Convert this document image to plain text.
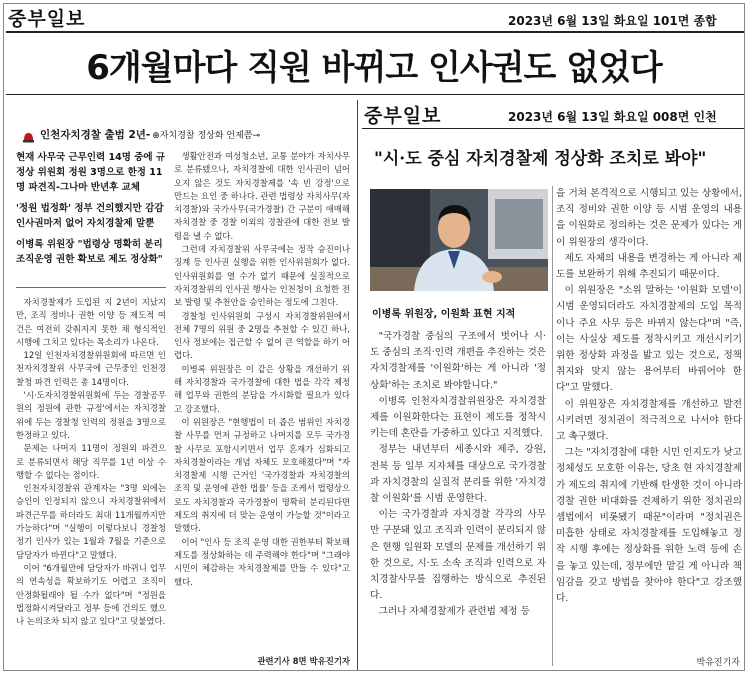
중부일보	2023년 6월 13일 화요일 101면 종합
6개월마다 직원 바뀌고 인사권도 없었다
인천자치경찰 출범 2년- ⊕자치경찰 정상화 언제쯤⊸

현재 사무국 근무인력 14명 중에 규정상 위원회 정원 3명으로 한정 11명 파견직-그나마 반년후 교체

'정원 법정화' 정부 건의했지만 감감 인사권마저 없어 자치경찰제 말뿐

이병록 위원장 "법령상 명확히 분리 조직운영 권한 확보로 제도 정상화"

자치경찰제가 도입된 지 2년이 지났지만, 조직 정비나 권한 이양 등 제도적 여건은 여전히 갖춰지지 못한 채 형식적인 시행에 그치고 있다는 목소리가 나온다.

12일 인천자치경찰위원회에 따르면 인천자치경찰위 사무국에 근무중인 인천경찰청 파견 인력은 총 14명이다.

'시·도자치경찰위원회에 두는 경찰공무원의 정원에 관한 규정'에서는 자치경찰위에 두는 경찰청 인력의 정원을 3명으로 한정하고 있다.

문제는 나머지 11명이 정원외 파견으로 분류되면서 해당 직무를 1년 이상 수행할 수 없다는 점이다.

인천자치경찰위 관계자는 "3명 외에는 승인이 인정되지 않으니 자치경찰위에서 파견근무를 하더라도 최대 11개월까지만 가능하다"며 "실행이 이렇다보니 경찰청 정기 인사가 있는 1월과 7월을 기준으로 담당자가 바뀐다"고 말했다.

이어 "6개월만에 담당자가 바뀌니 업무의 연속성을 확보하기도 어렵고 조직이 안정화될래야 될 수가 없다"며 "정원을 법정화시켜달라고 정부 등에 건의도 했으나 논의조차 되지 않고 있다"고 덧붙였다.

생활안전과 여성청소년, 교통 분야가 자치사무로 분류됐으나, 자치경찰에 대한 인사권이 넘어오지 않은 것도 자치경찰제를 '속 빈 강정'으로 만드는 요인 중 하나다. 관련 법령상 자치사무(자치경찰)와 국가사무(국가경찰) 간 구분이 애매해 자치경찰 중 경찰 이외의 경찰관에 대한 전보 발령을 낼 수 없다.

그런데 자치경찰위 사무국에는 정작 승진이나 징계 등 인사권 실행을 위한 인사위원회가 없다. 인사위원회를 열 수가 없기 때문에 실질적으로 자치경찰위의 인사권 행사는 인천청이 요청한 전보 발령 및 추천안을 승인하는 정도에 그친다.

경찰청 인사위원회 구성시 자치경찰위원에서 전체 7명의 위원 중 2명을 추천할 수 있긴 하나, 인사 정보에는 접근할 수 없어 큰 역할을 하기 어렵다.

이병록 위원장은 이 같은 상황을 개선하기 위해 자치경찰과 국가경찰에 대한 법을 각각 제정해 업무와 권한의 분담을 가시화할 필요가 있다고 강조했다.

이 위원장은 "현행법이 더 좁은 범위인 자치경찰 사무를 먼저 규정하고 나머지를 모두 국가경찰 사무로 포함시키면서 업무 혼재가 심화되고 자치경찰이라는 개념 자체도 모호해졌다"며 "자치경찰제 시행 근거인 '국가경찰과 자치경찰의 조직 및 운영에 관한 법률' 등을 조케서 법령상으로도 자치경찰과 국가경찰이 명확히 분리된다면 제도의 취지에 더 맞는 운영이 가능할 것"이라고 말했다.

이어 "인사 등 조직 운영 대한 권한부터 확보해 제도를 정상화하는 데 주력해야 한다"며 "그래야 시민이 체감하는 자치경찰제를 만들 수 있다"고 했다.

관련기사 8면 박유진기자
중부일보	2023년 6월 13일 화요일 008면 인천
"시·도 중심 자치경찰제 정상화 조치로 봐야"
이병록 위원장, 이원화 표현 지적

"국가경찰 중심의 구조에서 벗어나 시·도 중심의 조직·인력 개편을 추진하는 것은 자치경찰제를 '이원화'하는 게 아니라 '정상화'하는 조치로 봐야합니다."

이병록 인천자치경찰위원장은 자치경찰제를 이원화한다는 표현이 제도를 정착시키는데 혼란을 가중하고 있다고 지적했다.

정부는 내년부터 세종시와 제주, 강원, 전북 등 일부 지자체를 대상으로 국가경찰과 자치경찰의 실질적 분리를 위한 '자치경찰 이원화'를 시범 운영한다.

이는 국가경찰과 자치경찰 각각의 사무만 구분돼 있고 조직과 인력이 분리되지 않은 현행 일원화 모델의 문제를 개선하기 위한 것으로, 시·도 소속 조직과 인력으로 자치경찰사무를 집행하는 방식으로 추진된다.

그러나 자체경찰제가 관련법 제정 등

을 거쳐 본격적으로 시행되고 있는 상황에서, 조직 정비와 권한 이양 등 시범 운영의 내용을 이원화로 정의하는 것은 문제가 있다는 게 이 위원장의 생각이다.

제도 자체의 내용을 변경하는 게 아니라 제도를 보완하기 위해 추진되기 때문이다.

이 위원장은 "소위 말하는 '이원화 모델'이 시범 운영되더라도 자치경찰제의 도입 목적이나 주요 사무 등은 바뀌지 않는다"며 "즉, 이는 사실상 제도를 정착시키고 개선시키기 위한 정상화 과정을 밟고 있는 것으로, 정책 취지와 맞지 않는 용어부터 바꿔어야 한다"고 말했다.

이 위원장은 자치경찰제를 개선하고 발전시키려면 정치권이 적극적으로 나서야 한다고 촉구했다.

그는 "자치경찰에 대한 시민 인지도가 낮고 정체성도 모호한 이유는, 당초 현 자치경찰제가 제도의 취지에 기반해 탄생한 것이 아니라 경찰 권한 비대화를 견제하기 위한 정치권의 셈법에서 비롯됐기 때문"이라며 "정치권은 미흡한 상태로 자치경찰제를 도입해놓고 정작 시행 후에는 정상화를 위한 노력 등에 손을 놓고 있는데, 정부에만 맡길 게 아니라 책임감을 갖고 방법을 찾아야 한다"고 강조했다.

박유진기자
